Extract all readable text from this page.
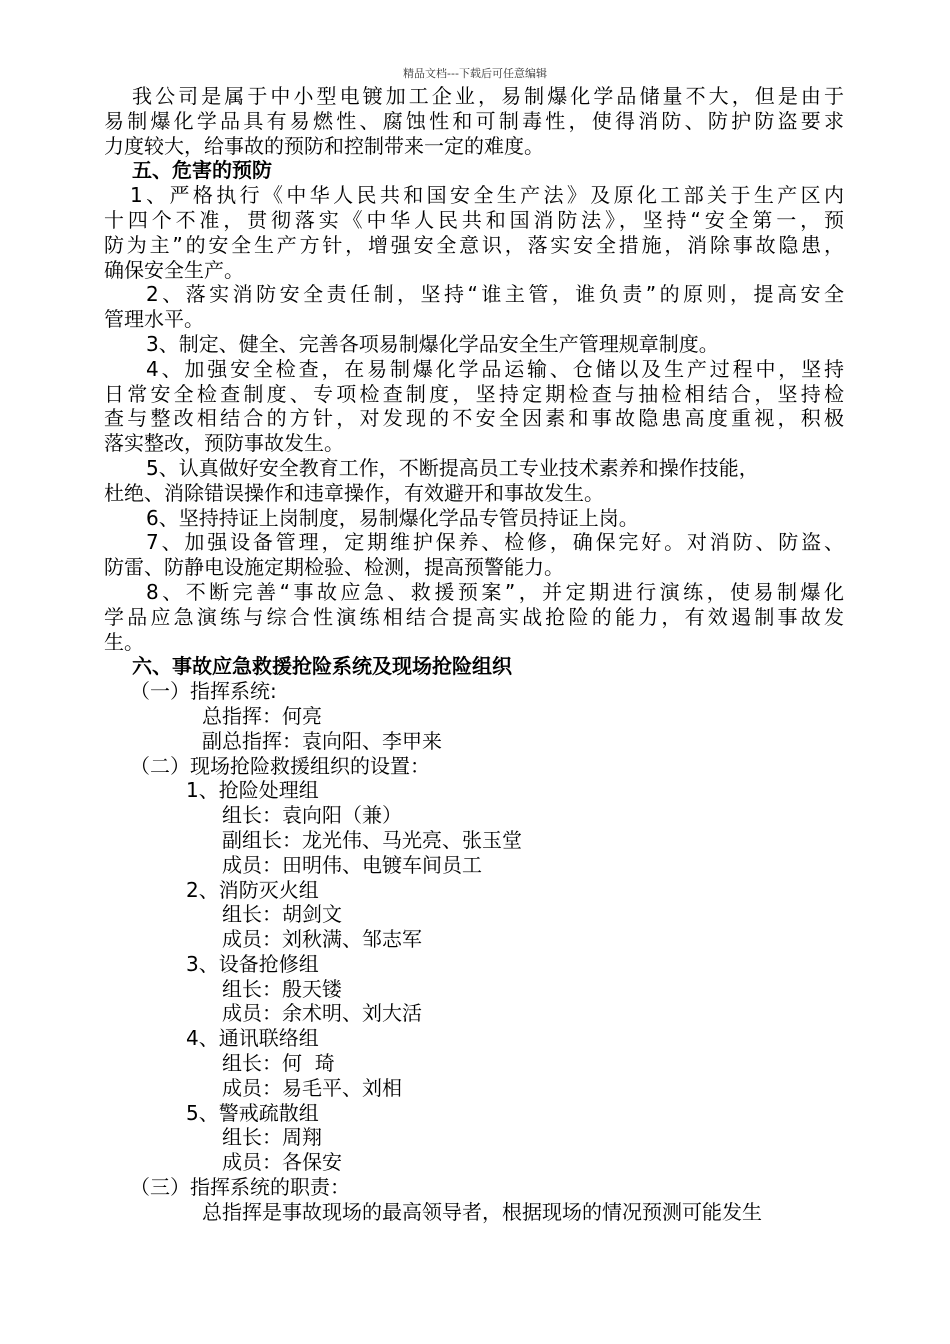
精品文档---下载后可任意编辑
我公司是属于中小型电镀加工企业，易制爆化学品储量不大，但是由于
易制爆化学品具有易燃性、腐蚀性和可制毒性，使得消防、防护防盗要求
力度较大，给事故的预防和控制带来一定的难度。
五、危害的预防
1、严格执行《中华人民共和国安全生产法》及原化工部关于生产区内
十四个不准，贯彻落实《中华人民共和国消防法》，坚持“安全第一，预
防为主”的安全生产方针，增强安全意识，落实安全措施，消除事故隐患，
确保安全生产。
2、落实消防安全责任制，坚持“谁主管，谁负责”的原则，提高安全
管理水平。
3、制定、健全、完善各项易制爆化学品安全生产管理规章制度。
4、加强安全检查，在易制爆化学品运输、仓储以及生产过程中，坚持
日常安全检查制度、专项检查制度，坚持定期检查与抽检相结合，坚持检
查与整改相结合的方针，对发现的不安全因素和事故隐患高度重视，积极
落实整改，预防事故发生。
5、认真做好安全教育工作，不断提高员工专业技术素养和操作技能，
杜绝、消除错误操作和违章操作，有效避开和事故发生。
6、坚持持证上岗制度，易制爆化学品专管员持证上岗。
7、加强设备管理，定期维护保养、检修，确保完好。对消防、防盗、
防雷、防静电设施定期检验、检测，提高预警能力。
8、不断完善“事故应急、救援预案”，并定期进行演练，使易制爆化
学品应急演练与综合性演练相结合提高实战抢险的能力，有效遏制事故发
生。
六、事故应急救援抢险系统及现场抢险组织
（一）指挥系统:
总指挥：何亮
副总指挥：袁向阳、李甲来
（二）现场抢险救援组织的设置：
1、抢险处理组
组长：袁向阳（兼）
副组长：龙光伟、马光亮、张玉堂
成员：田明伟、电镀车间员工
2、消防灭火组
组长：胡剑文
成员：刘秋满、邹志军
3、设备抢修组
组长：殷天镂
成员：余术明、刘大活
4、通讯联络组
组长：何  琦
成员：易毛平、刘相
5、警戒疏散组
组长：周翔
成员：各保安
（三）指挥系统的职责：
总指挥是事故现场的最高领导者，根据现场的情况预测可能发生
